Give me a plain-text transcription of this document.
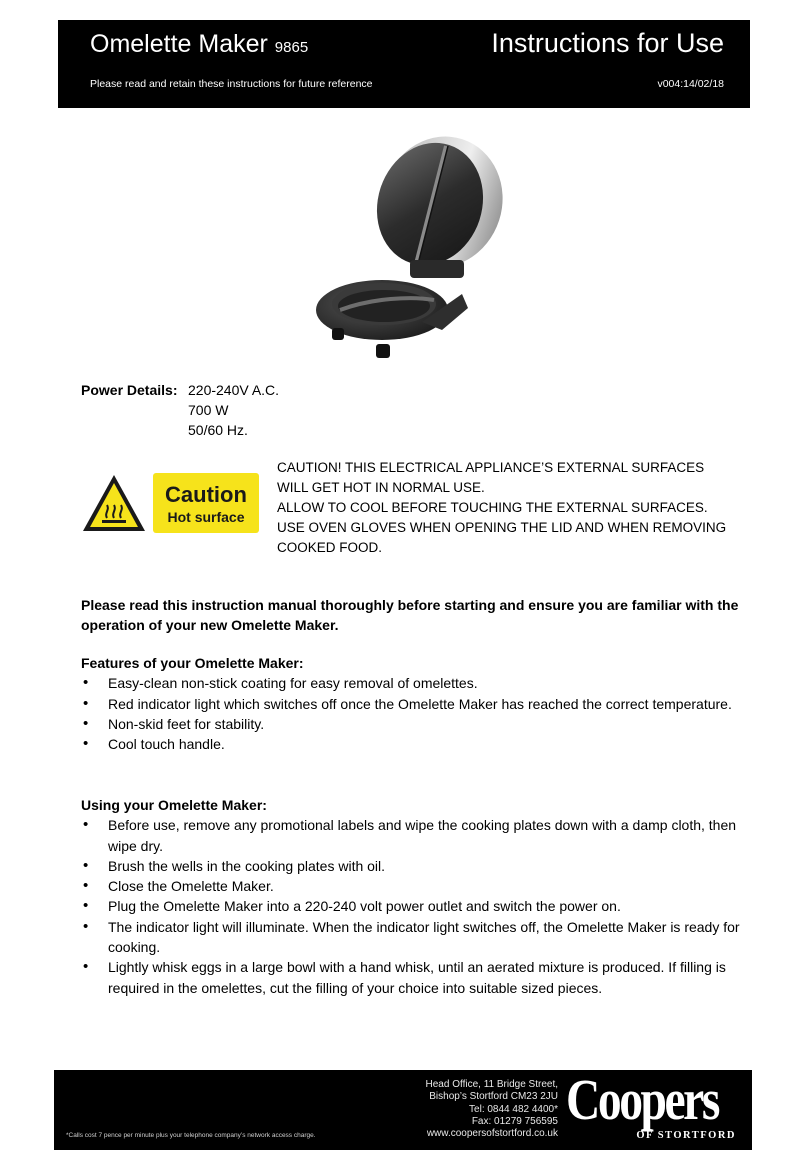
Omelette Maker 9865	Instructions for Use
Please read and retain these instructions for future reference	v004:14/02/18
Power Details: 220-240V A.C.
700 W
50/60 Hz.
Caution
Hot surface
CAUTION! THIS ELECTRICAL APPLIANCE’S EXTERNAL SURFACES WILL GET HOT IN NORMAL USE.
ALLOW TO COOL BEFORE TOUCHING THE EXTERNAL SURFACES.
USE OVEN GLOVES WHEN OPENING THE LID AND WHEN REMOVING COOKED FOOD.
Please read this instruction manual thoroughly before starting and ensure you are familiar with the operation of your new Omelette Maker.
Features of your Omelette Maker:
• Easy-clean non-stick coating for easy removal of omelettes.
• Red indicator light which switches off once the Omelette Maker has reached the correct temperature.
• Non-skid feet for stability.
• Cool touch handle.
Using your Omelette Maker:
• Before use, remove any promotional labels and wipe the cooking plates down with a damp cloth, then wipe dry.
• Brush the wells in the cooking plates with oil.
• Close the Omelette Maker.
• Plug the Omelette Maker into a 220-240 volt power outlet and switch the power on.
• The indicator light will illuminate. When the indicator light switches off, the Omelette Maker is ready for cooking.
• Lightly whisk eggs in a large bowl with a hand whisk, until an aerated mixture is produced. If filling is required in the omelettes, cut the filling of your choice into suitable sized pieces.
Head Office, 11 Bridge Street,
Bishop’s Stortford CM23 2JU
Tel: 0844 482 4400*
Fax: 01279 756595
www.coopersofstortford.co.uk
*Calls cost 7 pence per minute plus your telephone company’s network access charge.
Coopers
OF STORTFORD
